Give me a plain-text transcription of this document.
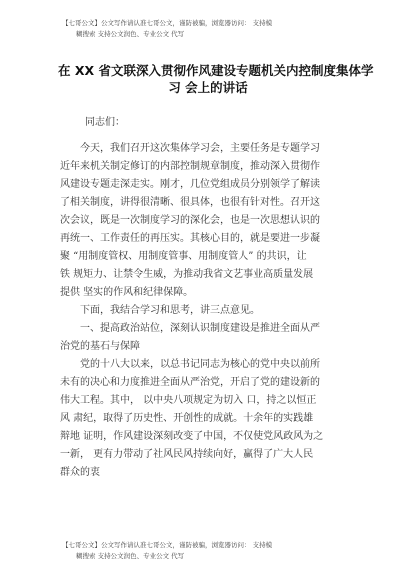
【七哥公文】公文写作请认准七哥公文，谨防被骗，浏览器访问： 支持模
糊搜索 支持公文润色、专业公文 代写
在 XX 省文联深入贯彻作风建设专题机关内控制度集体学
习 会上的讲话
同志们：
今天，我们召开这次集体学习会，主要任务是专题学习
近年来机关制定修订的内部控制规章制度，推动深入贯彻作
风建设专题走深走实。刚才，几位党组成员分别领学了解读
了相关制度，讲得很清晰、很具体，也很有针对性。召开这
次会议，既是一次制度学习的深化会，也是一次思想认识的
再统一、工作责任的再压实。其核心目的，就是要进一步凝
聚 “用制度管权、用制度管事、用制度管人” 的共识，让
铁 规矩力、让禁令生威，为推动我省文艺事业高质量发展
提供 坚实的作风和纪律保障。
下面，我结合学习和思考，讲三点意见。
一、提高政治站位，深刻认识制度建设是推进全面从严
治党的基石与保障
党的十八大以来，以总书记同志为核心的党中央以前所
未有的决心和力度推进全面从严治党，开启了党的建设新的
伟大工程。其中， 以中央八项规定为切入 口，持之以恒正
风 肃纪，取得了历史性、开创性的成就。十余年的实践雄
辩地 证明，作风建设深刻改变了中国，不仅使党风政风为之
一新， 更有力带动了社风民风持续向好，赢得了广大人民
群众的衷
【七哥公文】公文写作请认准七哥公文，谨防被骗，浏览器访问： 支持模
糊搜索 支持公文润色、专业公文 代写
